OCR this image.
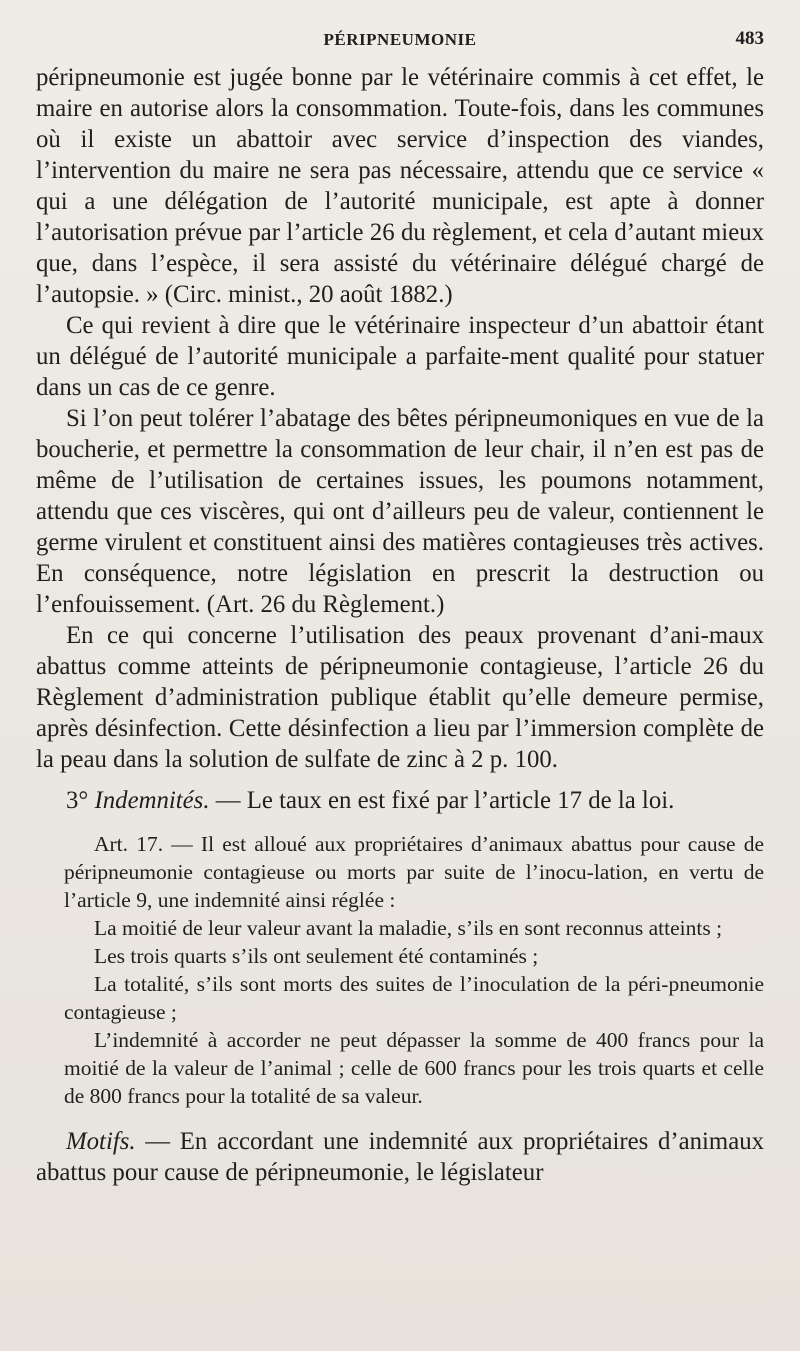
PÉRIPNEUMONIE	483

péripneumonie est jugée bonne par le vétérinaire commis à cet effet, le maire en autorise alors la consommation. Toute-fois, dans les communes où il existe un abattoir avec service d’inspection des viandes, l’intervention du maire ne sera pas nécessaire, attendu que ce service « qui a une délégation de l’autorité municipale, est apte à donner l’autorisation prévue par l’article 26 du règlement, et cela d’autant mieux que, dans l’espèce, il sera assisté du vétérinaire délégué chargé de l’autopsie. » (Circ. minist., 20 août 1882.)

Ce qui revient à dire que le vétérinaire inspecteur d’un abattoir étant un délégué de l’autorité municipale a parfaite-ment qualité pour statuer dans un cas de ce genre.

Si l’on peut tolérer l’abatage des bêtes péripneumoniques en vue de la boucherie, et permettre la consommation de leur chair, il n’en est pas de même de l’utilisation de certaines issues, les poumons notamment, attendu que ces viscères, qui ont d’ailleurs peu de valeur, contiennent le germe virulent et constituent ainsi des matières contagieuses très actives. En conséquence, notre législation en prescrit la destruction ou l’enfouissement. (Art. 26 du Règlement.)

En ce qui concerne l’utilisation des peaux provenant d’ani-maux abattus comme atteints de péripneumonie contagieuse, l’article 26 du Règlement d’administration publique établit qu’elle demeure permise, après désinfection. Cette désinfection a lieu par l’immersion complète de la peau dans la solution de sulfate de zinc à 2 p. 100.

3° Indemnités. — Le taux en est fixé par l’article 17 de la loi.

Art. 17. — Il est alloué aux propriétaires d’animaux abattus pour cause de péripneumonie contagieuse ou morts par suite de l’inocu-lation, en vertu de l’article 9, une indemnité ainsi réglée :

La moitié de leur valeur avant la maladie, s’ils en sont reconnus atteints ;

Les trois quarts s’ils ont seulement été contaminés ;

La totalité, s’ils sont morts des suites de l’inoculation de la péri-pneumonie contagieuse ;

L’indemnité à accorder ne peut dépasser la somme de 400 francs pour la moitié de la valeur de l’animal ; celle de 600 francs pour les trois quarts et celle de 800 francs pour la totalité de sa valeur.

Motifs. — En accordant une indemnité aux propriétaires d’animaux abattus pour cause de péripneumonie, le législateur
